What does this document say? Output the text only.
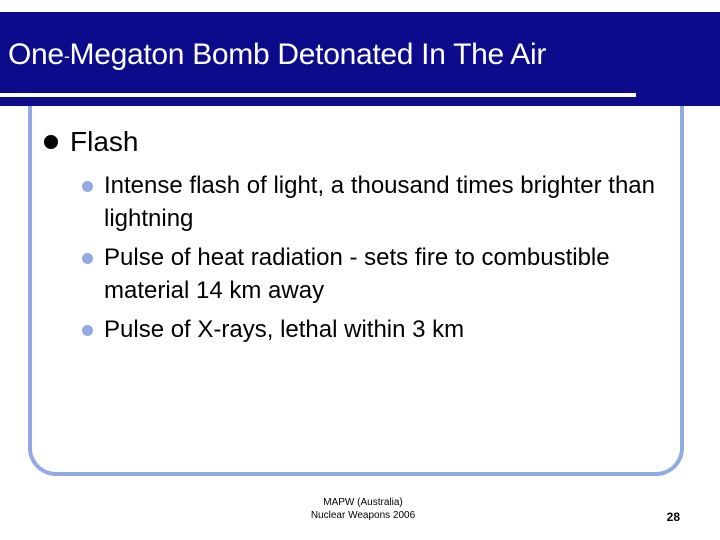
One-Megaton Bomb Detonated In The Air
Flash
Intense flash of light, a thousand times brighter than lightning
Pulse of heat radiation - sets fire to combustible material 14 km away
Pulse of X-rays, lethal within 3 km
MAPW (Australia)
Nuclear Weapons 2006	28
